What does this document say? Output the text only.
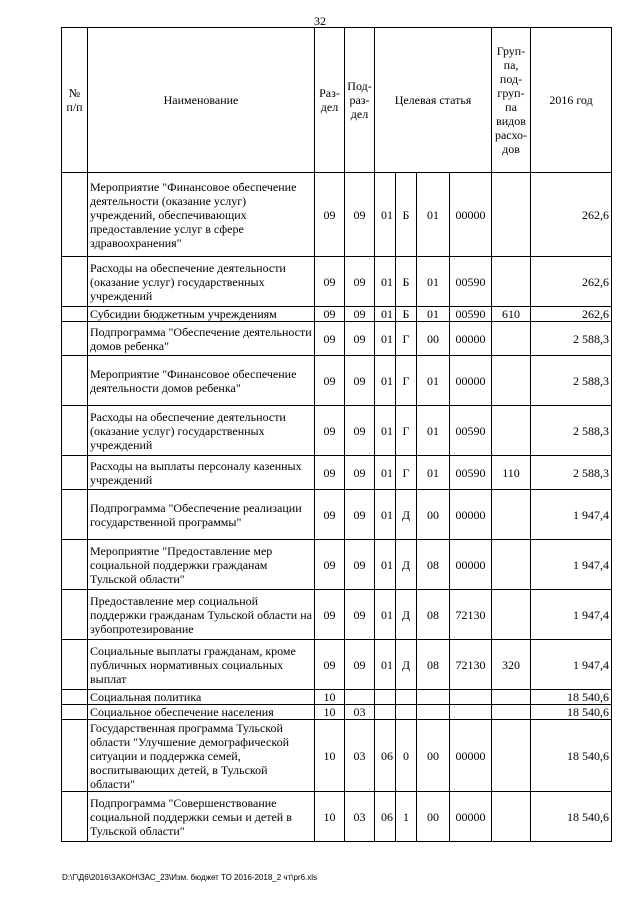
32
№ п/п	Наименование	Раз-дел	Под-раз-дел	Целевая статья				Груп-па, под-груп-па видов расхо-дов	2016 год
	Мероприятие "Финансовое обеспечение деятельности (оказание услуг) учреждений, обеспечивающих предоставление услуг в сфере здравоохранения"	09	09	01	Б	01	00000		262,6
	Расходы на обеспечение деятельности (оказание услуг) государственных учреждений	09	09	01	Б	01	00590		262,6
	Субсидии бюджетным учреждениям	09	09	01	Б	01	00590	610	262,6
	Подпрограмма "Обеспечение деятельности домов ребенка"	09	09	01	Г	00	00000		2 588,3
	Мероприятие "Финансовое обеспечение деятельности домов ребенка"	09	09	01	Г	01	00000		2 588,3
	Расходы на обеспечение деятельности (оказание услуг) государственных учреждений	09	09	01	Г	01	00590		2 588,3
	Расходы на выплаты персоналу казенных учреждений	09	09	01	Г	01	00590	110	2 588,3
	Подпрограмма "Обеспечение реализации государственной программы"	09	09	01	Д	00	00000		1 947,4
	Мероприятие "Предоставление мер социальной поддержки гражданам Тульской области"	09	09	01	Д	08	00000		1 947,4
	Предоставление мер социальной поддержки гражданам Тульской области на зубопротезирование	09	09	01	Д	08	72130		1 947,4
	Социальные выплаты гражданам, кроме публичных нормативных социальных выплат	09	09	01	Д	08	72130	320	1 947,4
	Социальная политика	10							18 540,6
	Социальное обеспечение населения	10	03						18 540,6
	Государственная программа Тульской области "Улучшение демографической ситуации и поддержка семей, воспитывающих детей, в Тульской области"	10	03	06	0	00	00000		18 540,6
	Подпрограмма "Совершенствование социальной поддержки семьи и детей в Тульской области"	10	03	06	1	00	00000		18 540,6
D:\Г\Д6\2016\ЗАКОН\ЗАС_23\Изм. бюджет ТО 2016-2018_2 чт\pr6.xls
